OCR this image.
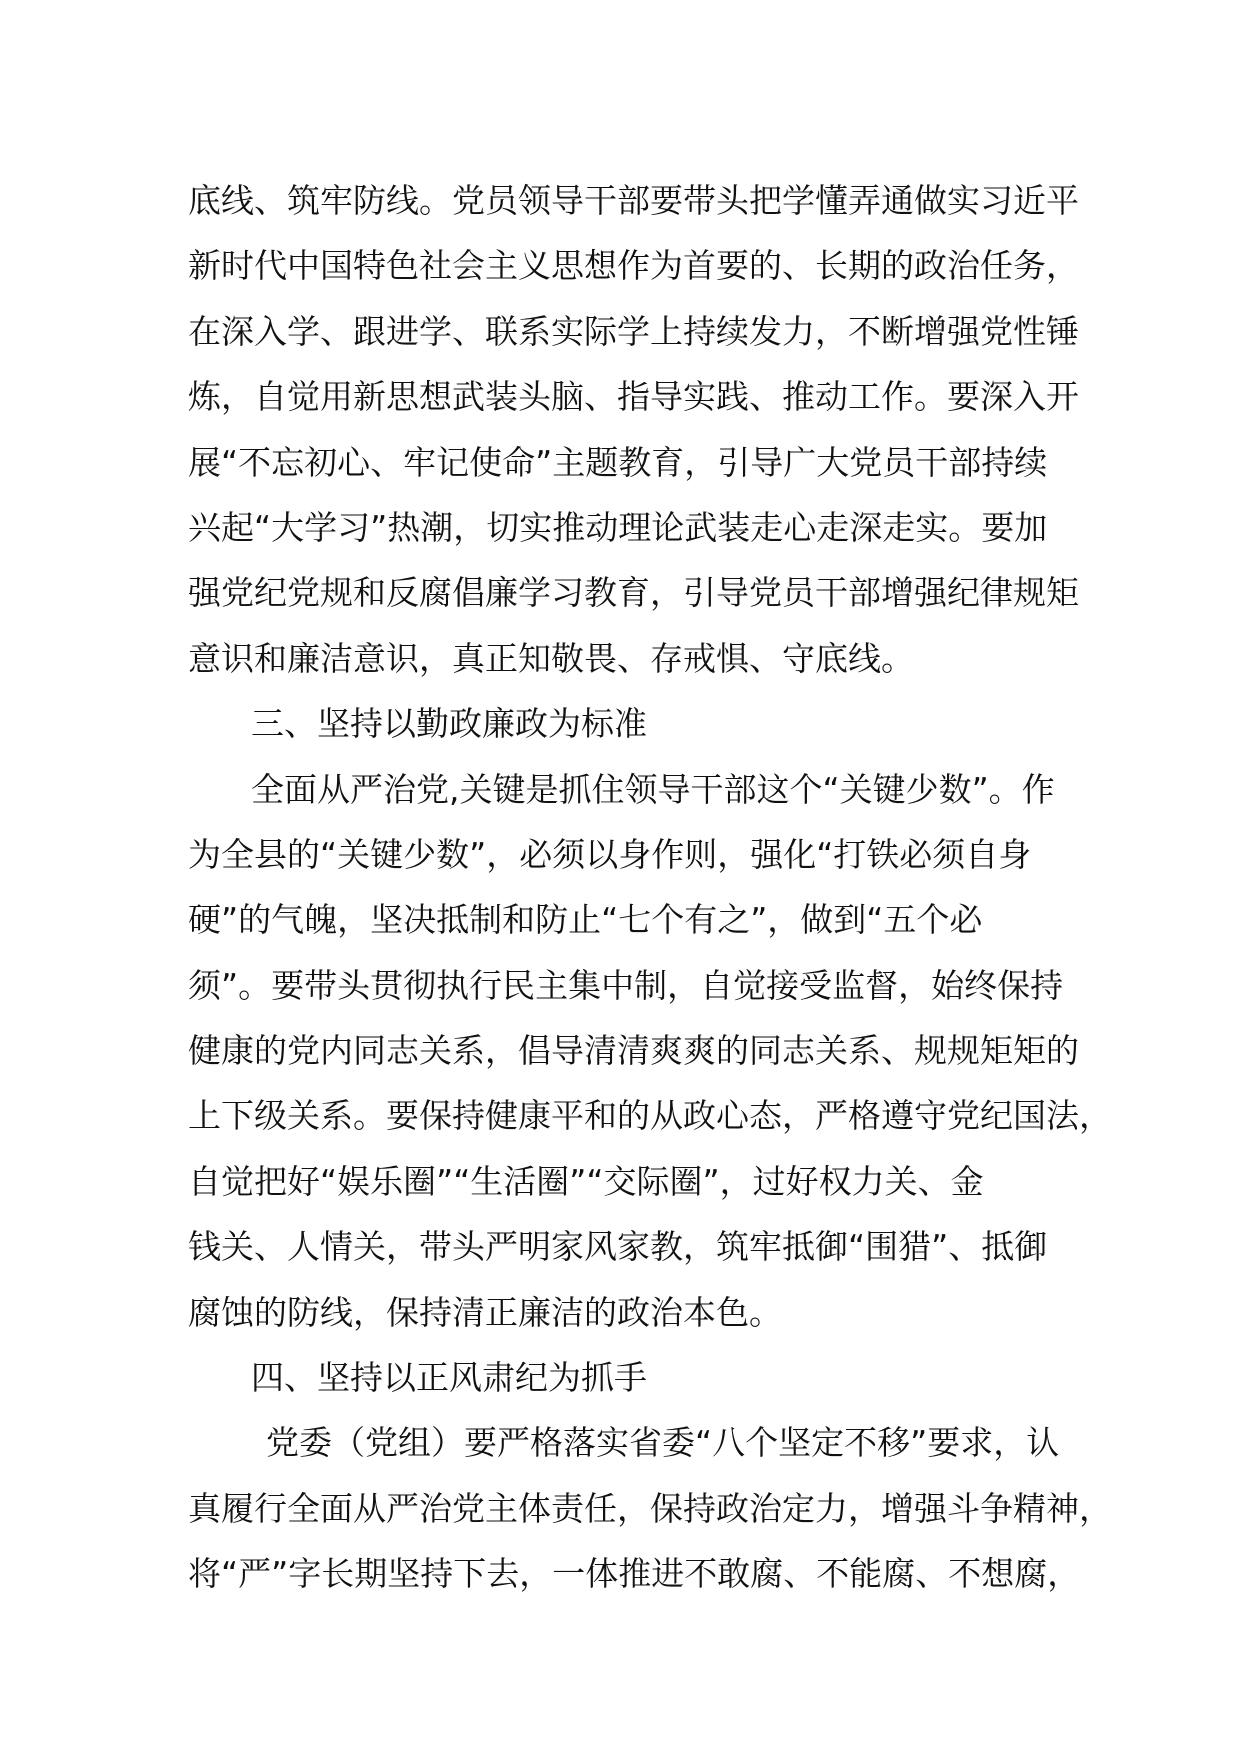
底线、筑牢防线。党员领导干部要带头把学懂弄通做实习近平
新时代中国特色社会主义思想作为首要的、长期的政治任务，
在深入学、跟进学、联系实际学上持续发力，不断增强党性锤
炼，自觉用新思想武装头脑、指导实践、推动工作。要深入开
展“不忘初心、牢记使命”主题教育，引导广大党员干部持续
兴起“大学习”热潮，切实推动理论武装走心走深走实。要加
强党纪党规和反腐倡廉学习教育，引导党员干部增强纪律规矩
意识和廉洁意识，真正知敬畏、存戒惧、守底线。
三、坚持以勤政廉政为标准
全面从严治党,关键是抓住领导干部这个“关键少数”。作
为全县的“关键少数”，必须以身作则，强化“打铁必须自身
硬”的气魄，坚决抵制和防止“七个有之”，做到“五个必
须”。要带头贯彻执行民主集中制，自觉接受监督，始终保持
健康的党内同志关系，倡导清清爽爽的同志关系、规规矩矩的
上下级关系。要保持健康平和的从政心态，严格遵守党纪国法，
自觉把好“娱乐圈”“生活圈”“交际圈”，过好权力关、金
钱关、人情关，带头严明家风家教，筑牢抵御“围猎”、抵御
腐蚀的防线，保持清正廉洁的政治本色。
四、坚持以正风肃纪为抓手
党委（党组）要严格落实省委“八个坚定不移”要求，认
真履行全面从严治党主体责任，保持政治定力，增强斗争精神，
将“严”字长期坚持下去，一体推进不敢腐、不能腐、不想腐，
